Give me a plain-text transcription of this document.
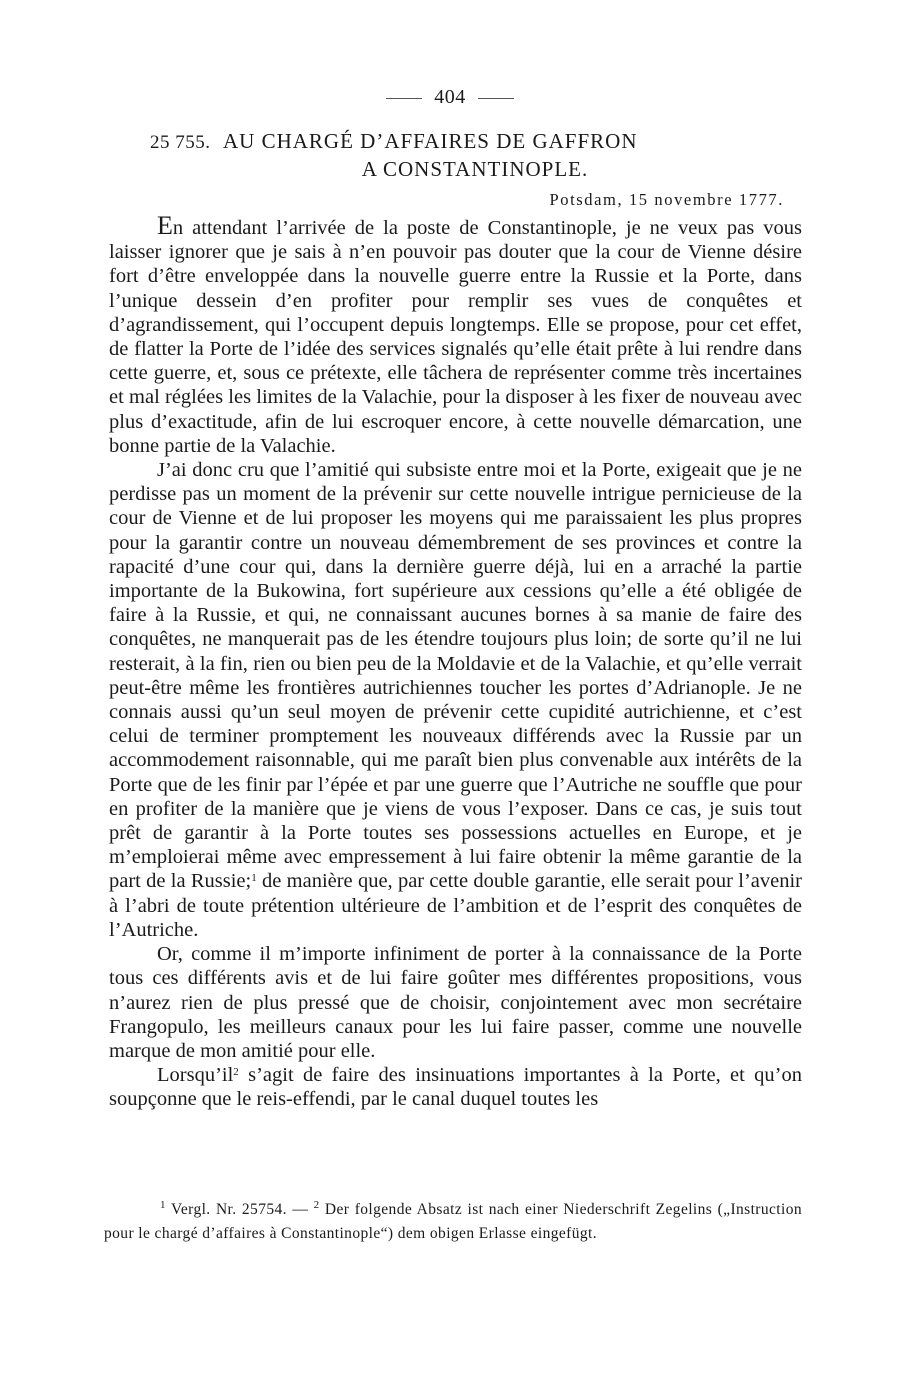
404
25 755. AU CHARGÉ D’AFFAIRES DE GAFFRON
A CONSTANTINOPLE.
Potsdam, 15 novembre 1777.

En attendant l’arrivée de la poste de Constantinople, je ne veux pas vous laisser ignorer que je sais à n’en pouvoir pas douter que la cour de Vienne désire fort d’être enveloppée dans la nouvelle guerre entre la Russie et la Porte, dans l’unique dessein d’en profiter pour remplir ses vues de conquêtes et d’agrandissement, qui l’occupent depuis longtemps. Elle se propose, pour cet effet, de flatter la Porte de l’idée des services signalés qu’elle était prête à lui rendre dans cette guerre, et, sous ce prétexte, elle tâchera de représenter comme très incertaines et mal réglées les limites de la Valachie, pour la disposer à les fixer de nouveau avec plus d’exactitude, afin de lui escroquer encore, à cette nouvelle démarcation, une bonne partie de la Valachie.

J’ai donc cru que l’amitié qui subsiste entre moi et la Porte, exigeait que je ne perdisse pas un moment de la prévenir sur cette nouvelle intrigue pernicieuse de la cour de Vienne et de lui proposer les moyens qui me paraissaient les plus propres pour la garantir contre un nouveau démembrement de ses provinces et contre la rapacité d’une cour qui, dans la dernière guerre déjà, lui en a arraché la partie importante de la Bukowina, fort supérieure aux cessions qu’elle a été obligée de faire à la Russie, et qui, ne connaissant aucunes bornes à sa manie de faire des conquêtes, ne manquerait pas de les étendre toujours plus loin; de sorte qu’il ne lui resterait, à la fin, rien ou bien peu de la Moldavie et de la Valachie, et qu’elle verrait peut-être même les frontières autrichiennes toucher les portes d’Adrianople. Je ne connais aussi qu’un seul moyen de prévenir cette cupidité autrichienne, et c’est celui de terminer promptement les nouveaux différends avec la Russie par un accommodement raisonnable, qui me paraît bien plus convenable aux intérêts de la Porte que de les finir par l’épée et par une guerre que l’Autriche ne souffle que pour en profiter de la manière que je viens de vous l’exposer. Dans ce cas, je suis tout prêt de garantir à la Porte toutes ses possessions actuelles en Europe, et je m’emploierai même avec empressement à lui faire obtenir la même garantie de la part de la Russie;$^1$ de manière que, par cette double garantie, elle serait pour l’avenir à l’abri de toute prétention ultérieure de l’ambition et de l’esprit des conquêtes de l’Autriche.

Or, comme il m’importe infiniment de porter à la connaissance de la Porte tous ces différents avis et de lui faire goûter mes différentes propositions, vous n’aurez rien de plus pressé que de choisir, conjointement avec mon secrétaire Frangopulo, les meilleurs canaux pour les lui faire passer, comme une nouvelle marque de mon amitié pour elle.

$Lorsqu’il^2$ s’agit de faire des insinuations importantes à la Porte, et qu’on soupçonne que le reis-effendi, par le canal duquel toutes les

$^1$ Vergl. Nr. 25754. — $^2$ Der folgende Absatz ist nach einer Niederschrift Zegelins („Instruction pour le chargé d’affaires à Constantinople“) dem obigen Erlasse eingefügt.
